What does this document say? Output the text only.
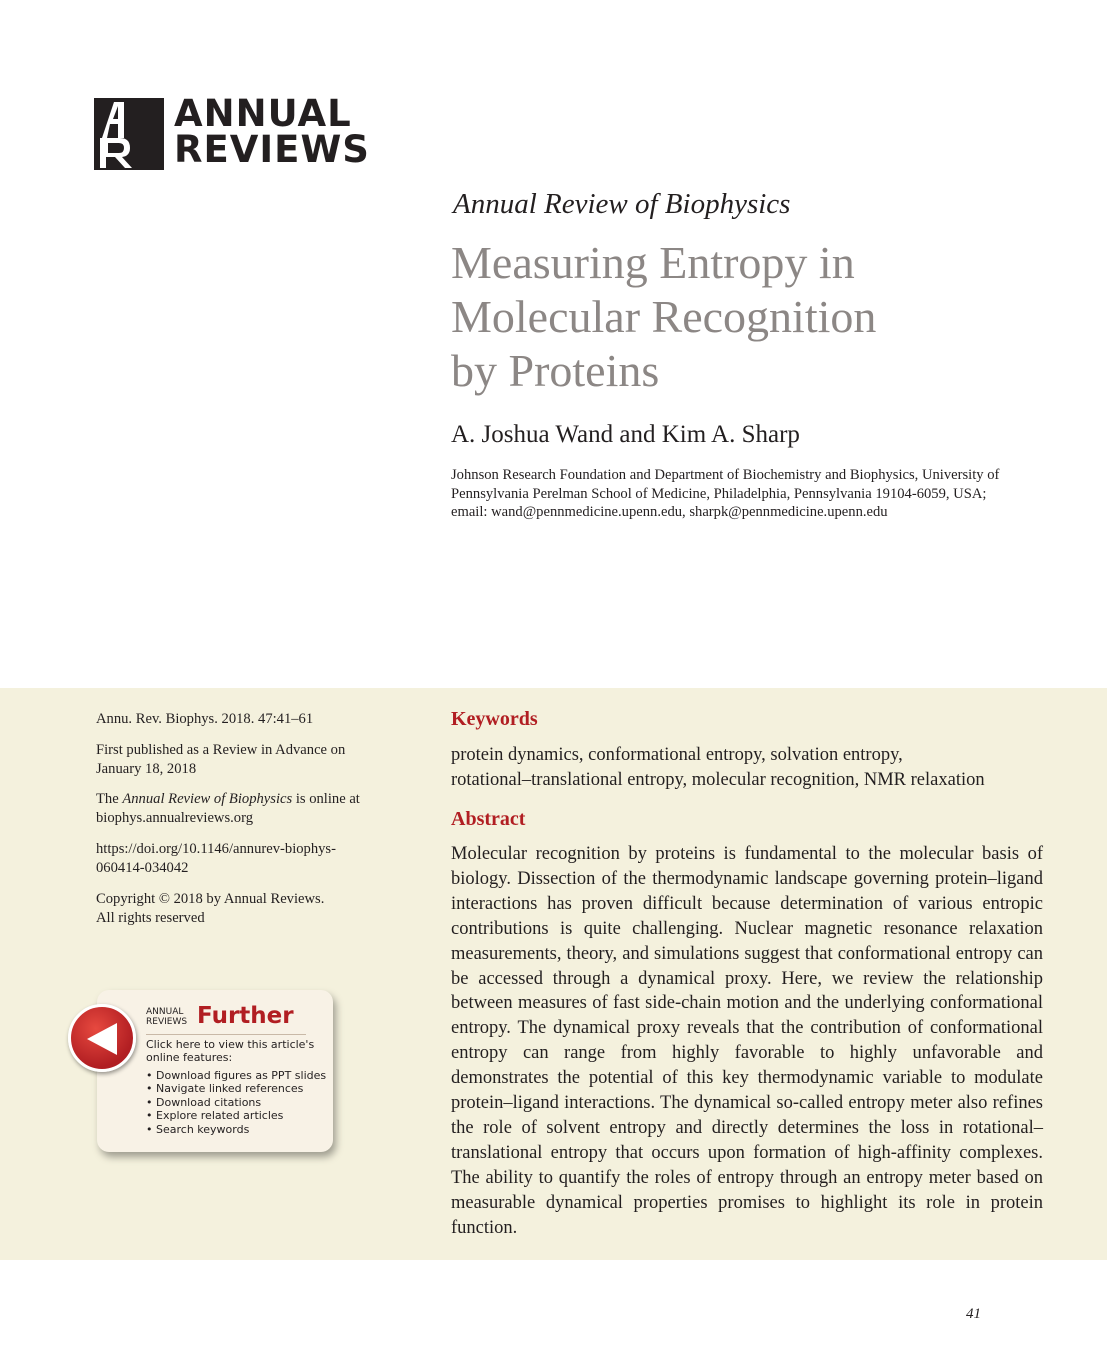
ANNUAL
REVIEWS
Annual Review of Biophysics
Measuring Entropy in
Molecular Recognition
by Proteins
A. Joshua Wand and Kim A. Sharp
Johnson Research Foundation and Department of Biochemistry and Biophysics, University of
Pennsylvania Perelman School of Medicine, Philadelphia, Pennsylvania 19104-6059, USA;
email: wand@pennmedicine.upenn.edu, sharpk@pennmedicine.upenn.edu
Annu. Rev. Biophys. 2018. 47:41–61
First published as a Review in Advance on
January 18, 2018
The Annual Review of Biophysics is online at
biophys.annualreviews.org
https://doi.org/10.1146/annurev-biophys-
060414-034042
Copyright © 2018 by Annual Reviews.
All rights reserved
ANNUAL
REVIEWS Further
Click here to view this article's online features:
• Download figures as PPT slides
• Navigate linked references
• Download citations
• Explore related articles
• Search keywords
Keywords
protein dynamics, conformational entropy, solvation entropy,
rotational–translational entropy, molecular recognition, NMR relaxation
Abstract
Molecular recognition by proteins is fundamental to the molecular basis of biology. Dissection of the thermodynamic landscape governing protein–ligand interactions has proven difficult because determination of various entropic contributions is quite challenging. Nuclear magnetic resonance relaxation measurements, theory, and simulations suggest that conformational entropy can be accessed through a dynamical proxy. Here, we review the relationship between measures of fast side-chain motion and the underlying conformational entropy. The dynamical proxy reveals that the contribution of conformational entropy can range from highly favorable to highly unfavorable and demonstrates the potential of this key thermodynamic variable to modulate protein–ligand interactions. The dynamical so-called entropy meter also refines the role of solvent entropy and directly determines the loss in rotational–translational entropy that occurs upon formation of high-affinity complexes. The ability to quantify the roles of entropy through an entropy meter based on measurable dynamical properties promises to highlight its role in protein function.
41
